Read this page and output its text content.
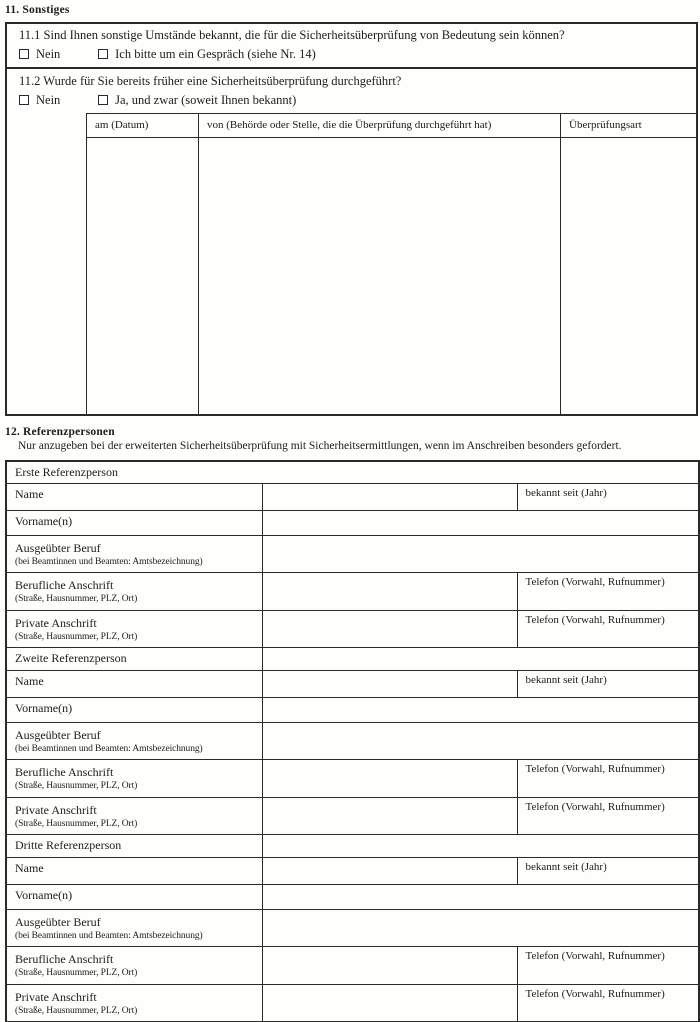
11. Sonstiges
11.1 Sind Ihnen sonstige Umstände bekannt, die für die Sicherheitsüberprüfung von Bedeutung sein können?
Nein	Ich bitte um ein Gespräch (siehe Nr. 14)
11.2 Wurde für Sie bereits früher eine Sicherheitsüberprüfung durchgeführt?
Nein	Ja, und zwar (soweit Ihnen bekannt)
am (Datum)	von (Behörde oder Stelle, die die Überprüfung durchgeführt hat)	Überprüfungsart

12. Referenzpersonen
Nur anzugeben bei der erweiterten Sicherheitsüberprüfung mit Sicherheitsermittlungen, wenn im Anschreiben besonders gefordert.
Erste Referenzperson		
Name		bekannt seit (Jahr)
Vorname(n)		
Ausgeübter Beruf
(bei Beamtinnen und Beamten: Amtsbezeichnung)		

Berufliche Anschrift
(Straße, Hausnummer, PLZ, Ort)		Telefon (Vorwahl, Rufnummer)
Private Anschrift
(Straße, Hausnummer, PLZ, Ort)		Telefon (Vorwahl, Rufnummer)
Zweite Referenzperson		
Name		bekannt seit (Jahr)
Vorname(n)		
Ausgeübter Beruf
(bei Beamtinnen und Beamten: Amtsbezeichnung)		

Berufliche Anschrift
(Straße, Hausnummer, PLZ, Ort)		Telefon (Vorwahl, Rufnummer)
Private Anschrift
(Straße, Hausnummer, PLZ, Ort)		Telefon (Vorwahl, Rufnummer)
Dritte Referenzperson		
Name		bekannt seit (Jahr)
Vorname(n)		
Ausgeübter Beruf
(bei Beamtinnen und Beamten: Amtsbezeichnung)		

Berufliche Anschrift
(Straße, Hausnummer, PLZ, Ort)		Telefon (Vorwahl, Rufnummer)
Private Anschrift
(Straße, Hausnummer, PLZ, Ort)		Telefon (Vorwahl, Rufnummer)
